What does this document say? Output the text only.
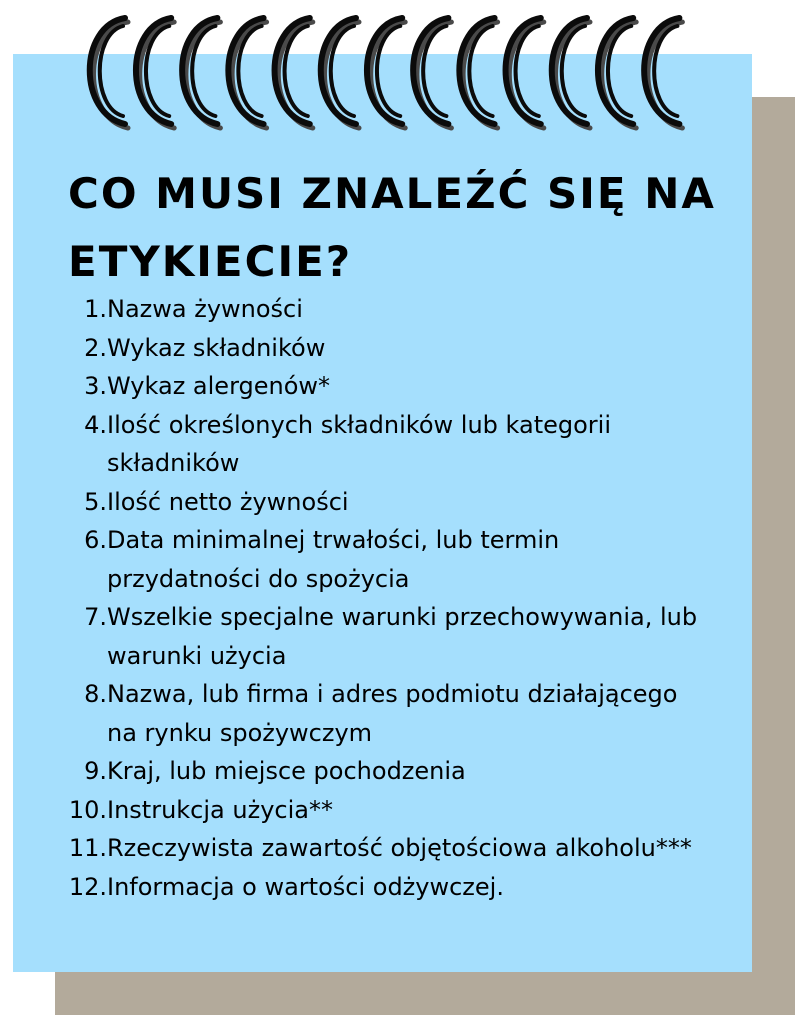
CO MUSI ZNALEŹĆ SIĘ NA ETYKIECIE?
1. Nazwa żywności
2. Wykaz składników
3. Wykaz alergenów*
4. Ilość określonych składników lub kategorii składników
5. Ilość netto żywności
6. Data minimalnej trwałości, lub termin przydatności do spożycia
7. Wszelkie specjalne warunki przechowywania, lub warunki użycia
8. Nazwa, lub firma i adres podmiotu działającego na rynku spożywczym
9. Kraj, lub miejsce pochodzenia
10. Instrukcja użycia**
11. Rzeczywista zawartość objętościowa alkoholu***
12. Informacja o wartości odżywczej.
